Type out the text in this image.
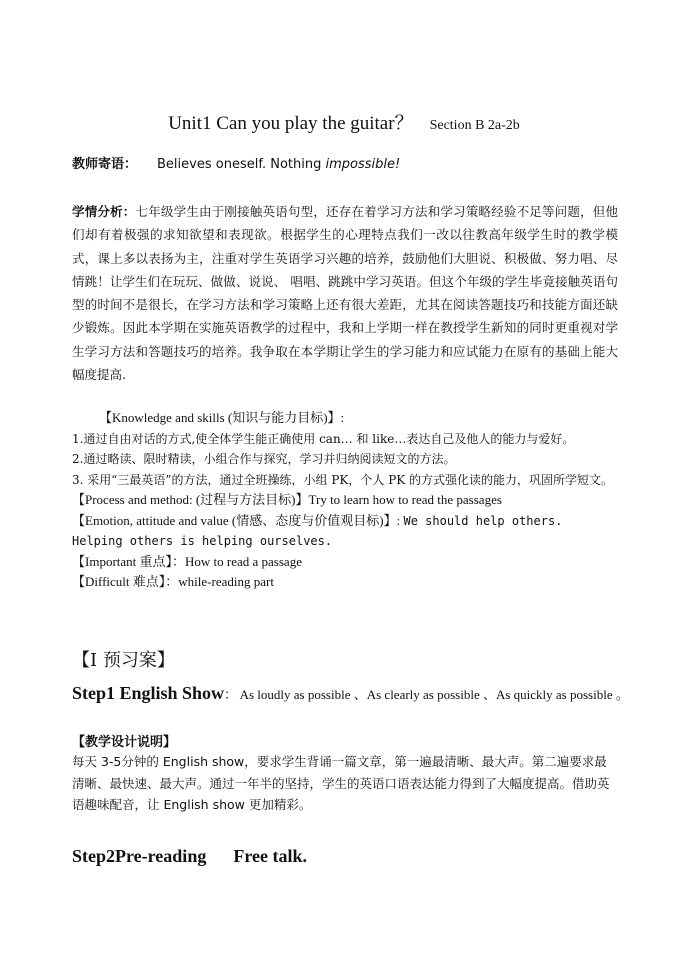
Unit1 Can you play the guitar？ Section B 2a-2b
教师寄语： Believes oneself. Nothing impossible!
学情分析：七年级学生由于刚接触英语句型，还存在着学习方法和学习策略经验不足等问题，但他们却有着极强的求知欲望和表现欲。根据学生的心理特点我们一改以往教高年级学生时的教学模式，课上多以表扬为主，注重对学生英语学习兴趣的培养，鼓励他们大胆说、积极做、努力唱、尽情跳！让学生们在玩玩、做做、说说、 唱唱、跳跳中学习英语。但这个年级的学生毕竟接触英语句型的时间不是很长，在学习方法和学习策略上还有很大差距，尤其在阅读答题技巧和技能方面还缺少锻炼。因此本学期在实施英语教学的过程中，我和上学期一样在教授学生新知的同时更重视对学生学习方法和答题技巧的培养。我争取在本学期让学生的学习能力和应试能力在原有的基础上能大幅度提高.

【Knowledge and skills (知识与能力目标)】:

1.通过自由对话的方式,使全体学生能正确使用 can… 和 like…表达自己及他人的能力与爱好。

2.通过略读、限时精读，小组合作与探究，学习并归纳阅读短文的方法。

3. 采用“三最英语”的方法，通过全班操练，小组 PK，个人 PK 的方式强化读的能力，巩固所学短文。

【Process and method: (过程与方法目标)】Try to learn how to read the passages

【Emotion, attitude and value (情感、态度与价值观目标)】: We should help others. Helping others is helping ourselves.

【Important 重点】：How to read a passage

【Difficult 难点】：while-reading part

【I 预习案】
Step1 English Show： As loudly as possible 、As clearly as possible 、As quickly as possible 。
【教学设计说明】
每天 3-5分钟的 English show，要求学生背诵一篇文章，第一遍最清晰、最大声。第二遍要求最清晰、最快速、最大声。通过一年半的坚持，学生的英语口语表达能力得到了大幅度提高。借助英语趣味配音，让 English show 更加精彩。
Step2Pre-reading      Free talk.
